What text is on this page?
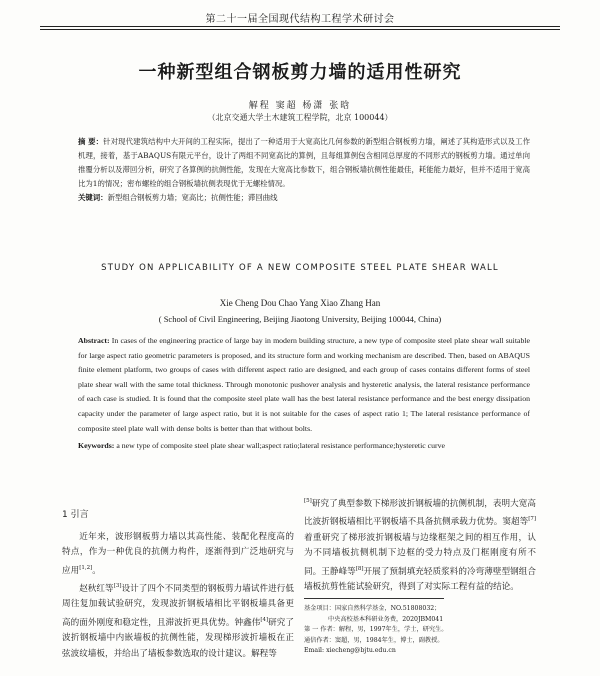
第二十一届全国现代结构工程学术研讨会
一种新型组合钢板剪力墙的适用性研究
解程 窦超 杨潇 张晗
（北京交通大学土木建筑工程学院，北京 100044）
摘 要：针对现代建筑结构中大开间的工程实际，提出了一种适用于大宽高比几何参数的新型组合钢板剪力墙，阐述了其构造形式以及工作机理，接着，基于ABAQUS有限元平台，设计了两组不同宽高比的算例，且每组算例包含相同总厚度的不同形式的钢板剪力墙。通过单向推覆分析以及滞回分析，研究了各算例的抗侧性能，发现在大宽高比参数下，组合钢板墙抗侧性能最佳，耗能能力最好，但并不适用于宽高比为1的情况；密布螺栓的组合钢板墙抗侧表现优于无螺栓情况。
关键词：新型组合钢板剪力墙；宽高比；抗侧性能；滞回曲线
STUDY ON APPLICABILITY OF A NEW COMPOSITE STEEL PLATE SHEAR WALL
Xie Cheng Dou Chao Yang Xiao Zhang Han
( School of Civil Engineering, Beijing Jiaotong University, Beijing 100044, China)
Abstract: In cases of the engineering practice of large bay in modern building structure, a new type of composite steel plate shear wall suitable for large aspect ratio geometric parameters is proposed, and its structure form and working mechanism are described. Then, based on ABAQUS finite element platform, two groups of cases with different aspect ratio are designed, and each group of cases contains different forms of steel plate shear wall with the same total thickness. Through monotonic pushover analysis and hysteretic analysis, the lateral resistance performance of each case is studied. It is found that the composite steel plate wall has the best lateral resistance performance and the best energy dissipation capacity under the parameter of large aspect ratio, but it is not suitable for the cases of aspect ratio 1; The lateral resistance performance of composite steel plate wall with dense bolts is better than that without bolts.
Keywords: a new type of composite steel plate shear wall;aspect ratio;lateral resistance performance;hysteretic curve
1 引言

近年来，波形钢板剪力墙以其高性能、装配化程度高的特点，作为一种优良的抗侧力构件，逐渐得到广泛地研究与应用[1,2]。

赵秋红等[3]设计了四个不同类型的钢板剪力墙试件进行低周往复加载试验研究，发现波折钢板墙相比平钢板墙具备更高的面外刚度和稳定性，且滞波折更具优势。钟鑫伟[4]研究了波折钢板墙中内嵌墙板的抗侧性能，发现梯形波折墙板在正弦波纹墙板，并给出了墙板参数选取的设计建议。解程等

[5]研究了典型参数下梯形波折钢板墙的抗侧机制，表明大宽高比波折钢板墙相比平钢板墙不具备抗侧承载力优势。窦超等[7]着重研究了梯形波折钢板墙与边缘框架之间的相互作用，认为不同墙板抗侧机制下边框的受力特点及门框刚度有所不同。王静峰等[8]开展了预制填充轻质浆料的冷弯薄壁型钢组合墙板抗剪性能试验研究，得到了对实际工程有益的结论。

基金项目：国家自然科学基金，NO.51808032；
中央高校基本科研业务费，2020JBM041
第 一 作者：解程，男，1997年生，学士，研究生。
通信作者：窦超，男，1984年生，博士，副教授。
Email: xiecheng@bjtu.edu.cn
